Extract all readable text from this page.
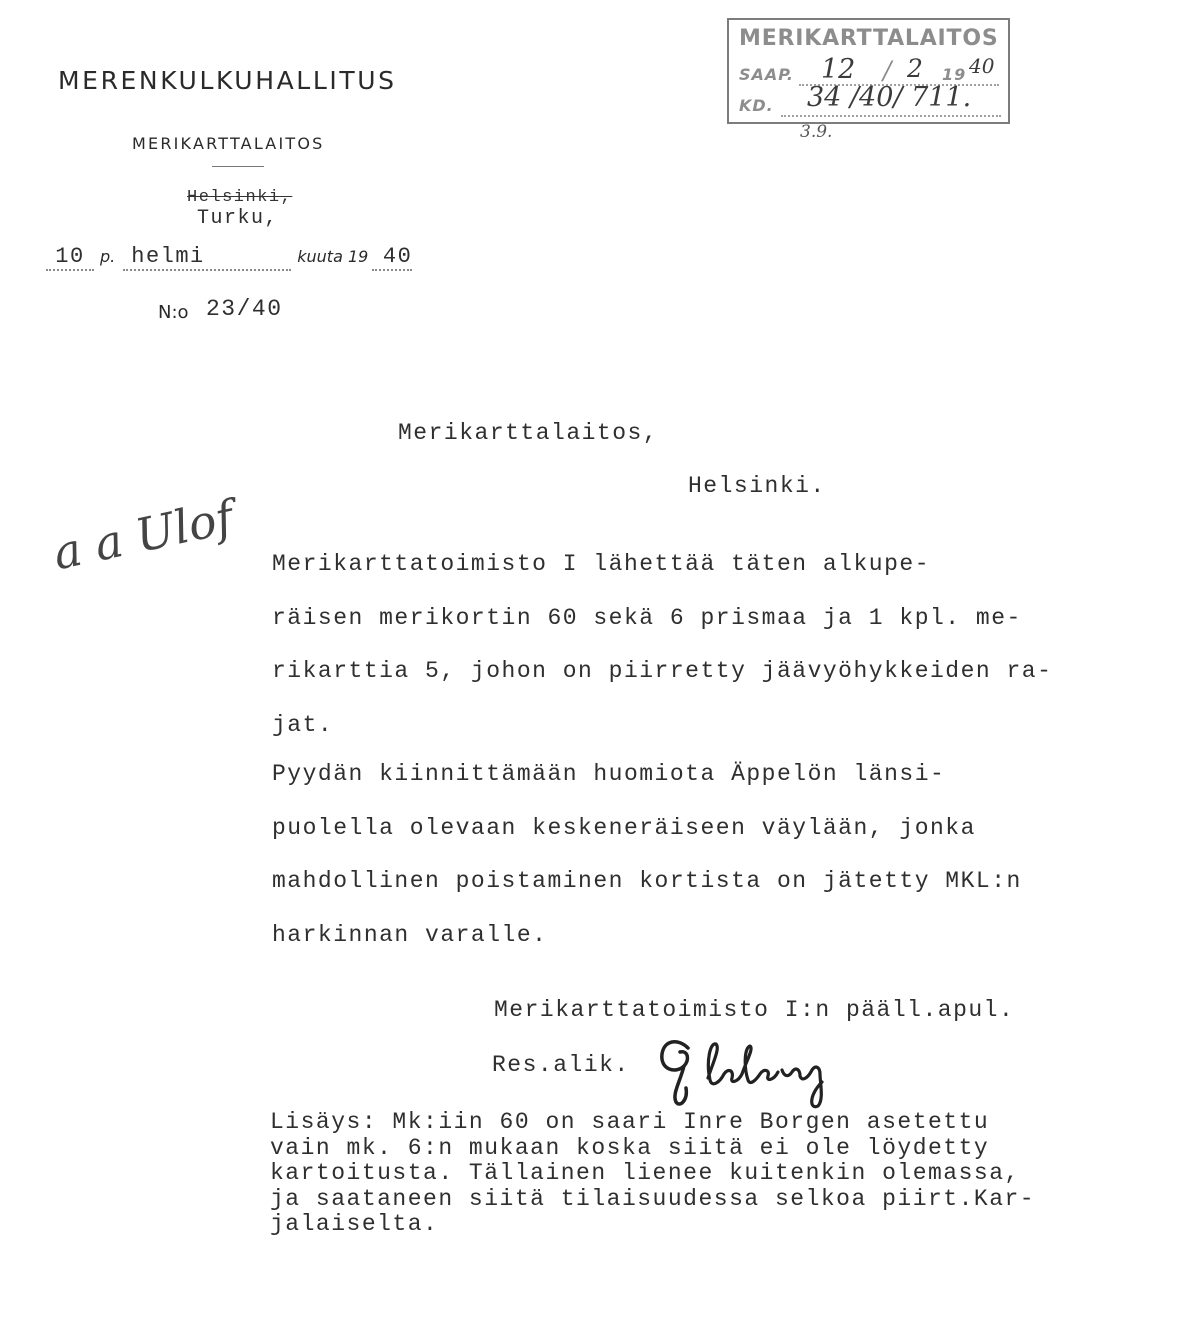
MERENKULKUHALLITUS
MERIKARTTALAITOS
Helsinki,
Turku,
10 p. helmi	kuuta 19 40
N:o 23/40
MERIKARTTALAITOS
SAAP. 12 / 2 19 40
KD. 34 /40/ 711.
3.9.
a a Ulof
Merikarttalaitos,
Helsinki.
Merikarttatoimisto I lähettää täten alkupe-
räisen merikortin 60 sekä 6 prismaa ja 1 kpl. me-
rikarttia 5, johon on piirretty jäävyöhykkeiden ra-
jat.
Pyydän kiinnittämään huomiota Äppelön länsi-
puolella olevaan keskeneräiseen väylään, jonka
mahdollinen poistaminen kortista on jätetty MKL:n
harkinnan varalle.
Merikarttatoimisto I:n pääll.apul.
Res.alik.
G. Lefving
Lisäys: Mk:iin 60 on saari Inre Borgen asetettu
vain mk. 6:n mukaan koska siitä ei ole löydetty
kartoitusta. Tällainen lienee kuitenkin olemassa,
ja saataneen siitä tilaisuudessa selkoa piirt.Kar-
jalaiselta.
